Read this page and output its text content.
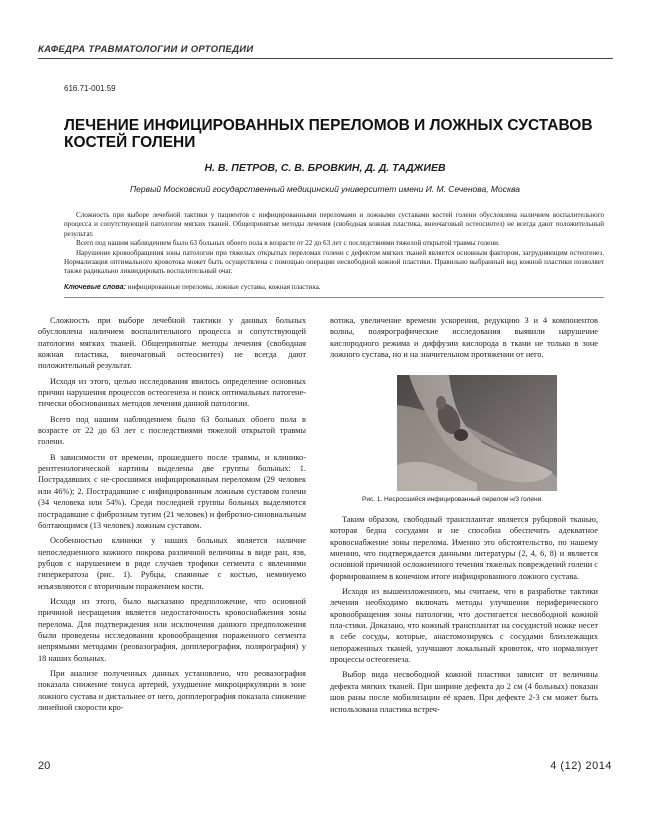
КАФЕДРА ТРАВМАТОЛОГИИ И ОРТОПЕДИИ
616.71-001.59
ЛЕЧЕНИЕ ИНФИЦИРОВАННЫХ ПЕРЕЛОМОВ И ЛОЖНЫХ СУСТАВОВ КОСТЕЙ ГОЛЕНИ
Н. В. ПЕТРОВ, С. В. БРОВКИН, Д. Д. ТАДЖИЕВ
Первый Московский государственный медицинский университет имени И. М. Сеченова, Москва

Сложность при выборе лечебной тактики у пациентов с инфицированными переломами и ложными суставами костей голени обусловлена наличием воспалительного процесса и сопутствующей патологии мягких тканей. Общепринятые методы лечения (свободная кожная пластика, внеочаговый остеосинтез) не всегда дают положительный результат.

Всего под нашим наблюдением было 63 больных обоего пола в возрасте от 22 до 63 лет с последствиями тяжелой открытой травмы голени.

Нарушение кровообращения зоны патологии при тяжелых открытых переломах голени с дефектом мягких тканей является основным фактором, загрудняющим остеогенез. Нормализация оптимального кровотока может быть осуществлена с помощью операции несвободной кожной пластики. Правильно выбранный вид кожной пластики позволяет также радикально ликвидировать воспалительный очаг.

Ключевые слова: инфицированные переломы, ложные суставы, кожная пластика.

Сложность при выборе лечебной тактики у данных больных обусловлена наличием воспалительного процесса и сопутствующей патологии мягких тканей. Общепринятые методы лечения (свободная кожная пластика, внеочаговый остеосинтез) не всегда дают положительный результат.

Исходя из этого, целью исследования явилось определение основных причин нарушения процессов остеогенеза и поиск оптимальных патогене-тически обоснованных методов лечения данной патологии.

Всего под нашим наблюдением было 63 больных обоего пола в возрасте от 22 до 63 лет с последствиями тяжелой открытой травмы голени.

В зависимости от времени, прошедшего после травмы, и клинико-рентгенологической картины выделены две группы больных: 1. Пострадавших с не-сросшимся инфицированным переломом (29 человек или 46%); 2. Пострадавшие с инфицированным ложным суставом голени (34 человека или 54%). Среди последней группы больных выделяются пострадавшие с фиброзным тугим (21 человек) и фиброзно-синовиальным болтающимся (13 человек) ложным суставом.

Особенностью клиники у наших больных является наличие непоследненного кожного покрова различной величины в виде ран, язв, рубцов с нарушением в ряде случаев трофики сегмента с явлениями гиперкератоза (рис. 1). Рубцы, спаянные с костью, неминуемо изъязвляются с вторичным поражением кости.

Исходя из этого, было высказано предположение, что основной причиной несращения является недостаточность кровоснабжения зоны перелома. Для подтверждения или исключения данного предположения были проведены исследования кровообращения пораженного сегмента непрямыми методами (реовазография, допплерография, полярография) у 18 наших больных.

При анализе полученных данных установлено, что реовазография показала снижение тонуса артерий, ухудшение микроциркуляции в зоне ложного сустава и дистальнее от него, допплерография показала снижение линейной скорости кро-

вотока, увеличение времени ускорения, редукцию 3 и 4 компонентов волны, полярографические исследования выявили нарушение кислородного режима и диффузии кислорода в ткани не только в зоне ложного сустава, но и на значительном протяжении от него.

Рис. 1. Несросшийся инфицированный перелом н/3 голени.

Таким образом, свободный трансплантат является рубцовой тканью, которая бедна сосудами и не способна обеспечить адекватное кровоснабжение зоны перелома. Именно это обстоятельство, по нашему мнению, что подтверждается данными литературы (2, 4, 6, 8) и является основной причиной осложненного течения тяжелых повреждений голени с формированием в конечном итоге инфицированного ложного сустава.

Исходя из вышеизложенного, мы считаем, что в разработке тактики лечения необходимо включать методы улучшения периферического кровообращения зоны патологии, что достигается несвободной кожной пла-стики. Доказано, что кожный трансплантат на сосудистой ножке несет в себе сосуды, которые, анастомозируясь с сосудами близлежащих непораженных тканей, улучшают локальный кровоток, что нормализует процессы остеогенеза.

Выбор вида несвободной кожной пластики зависит от величины дефекта мягких тканей. При ширине дефекта до 2 см (4 больных) показан шов раны после мобилизации её краев. При дефекте 2-3 см может быть использована пластика встреч-

20	4 (12) 2014
